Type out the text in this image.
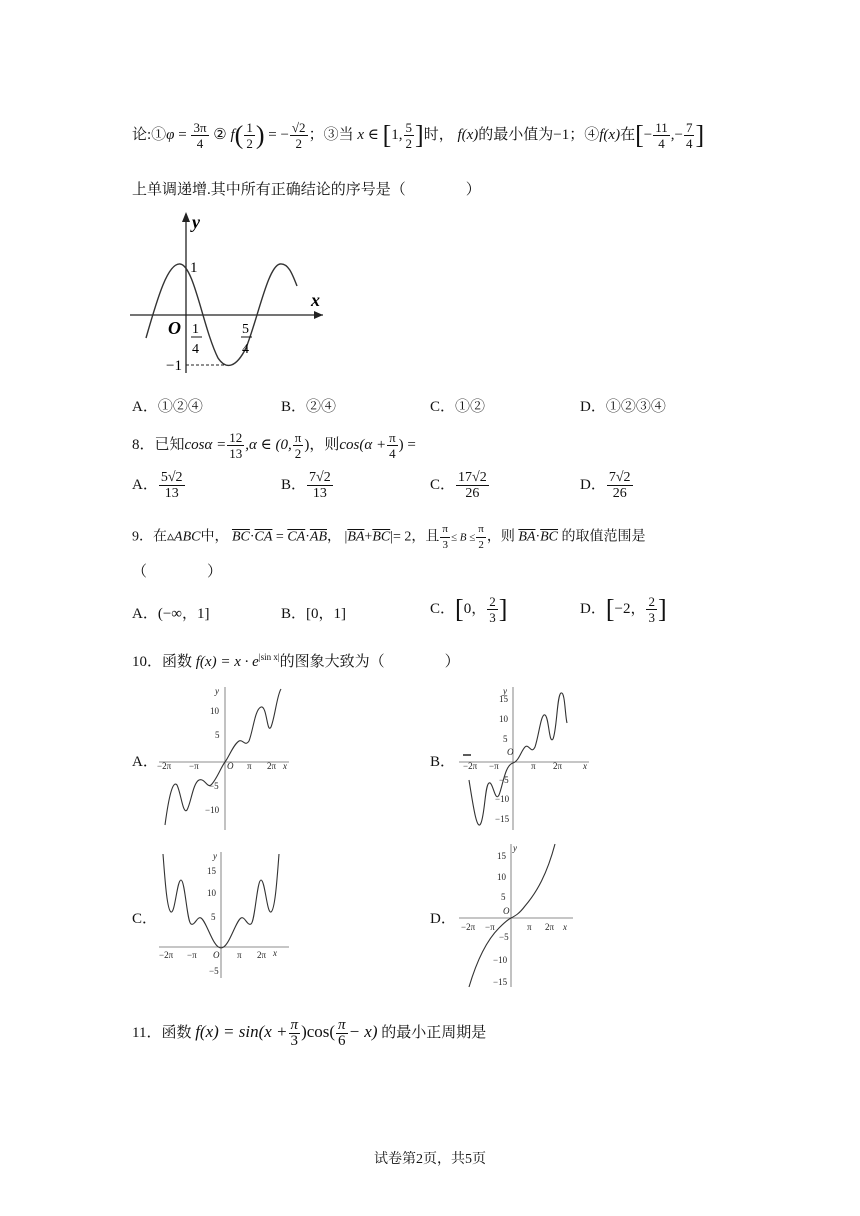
论:①φ = $\frac{3\pi}{4}$ ② $f( \frac{1}{2}$ ) = − $\frac{√2}{2}$ ；③当 x ∈ [1, $\frac{5}{2}$ ]时， f(x)的最小值为−1；④f(x)在[− $\frac{11}{4}$ ,− $\frac{7}{4}$ ]
上单调递增.其中所有正确结论的序号是（　　　　）
y
x
O
1
−1
1
4
5
4
A．①②④	B．②④	C．①②	D．①②③④
8．已知$\cos\alpha = \frac{12}{13} ,\alpha$ ∈ (0, $\frac{\pi}{2}$ )，则$\cos(\alpha + \frac{\pi}{4}$ ) =
A． $\frac{5√2}{13}$	B． $\frac{7√2}{13}$	C． $\frac{17√2}{26}$	D． $\frac{7√2}{26}$
9．在▵ABC中， $\overline{BC}\cdot\overline{CA} = \overline{CA}\cdot\overline{AB}$， $|\overline{BA}+\overline{BC}|= 2$，且 $\frac{\pi}{3} \le B \le \frac{\pi}{2}$ ，则 $\overline{BA}\cdot\overline{BC}$ 的取值范围是
（　　　　）
A．(−∞，1]	B．[0，1]	C．[0， $\frac{2}{3}$ ]	D．[−2， $\frac{2}{3}$ ]
10．函数 $f(x) = x \cdot e^{|sin x|}$的图象大致为（　　　　）
A．	B．
C．	D．
y
x
10
5
−5
−10
−2π −π	O π 2π
y
x
15
10
5
−5
−10
−15
−2π −π
O
π 2π
y
x
15
10
5
−5
−2π −π O π 2π
y
x
15
10
5
−5
−10
−15
−2π −π
O
π 2π
11．函数 $f(x) = \sin(x + \frac{\pi}{3} )\cos( \frac{\pi}{6} - x)$ 的最小正周期是
试卷第2页，共5页
